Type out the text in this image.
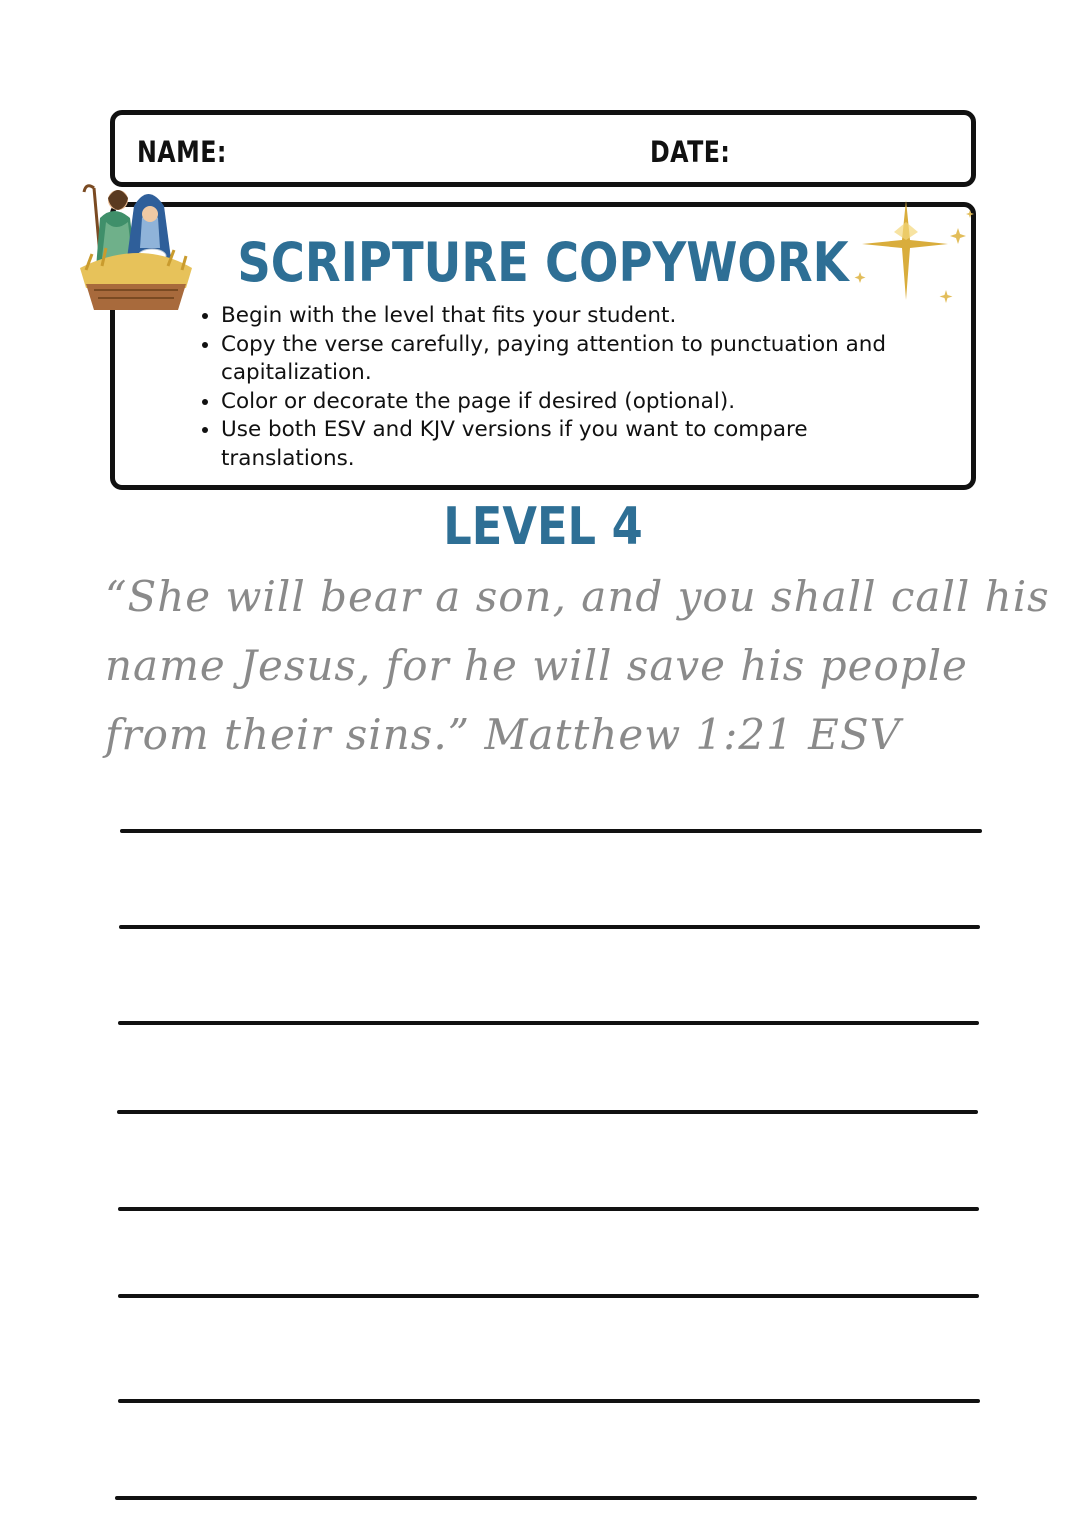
NAME:	DATE:
SCRIPTURE COPYWORK
• Begin with the level that fits your student.
• Copy the verse carefully, paying attention to punctuation and capitalization.
• Color or decorate the page if desired (optional).
• Use both ESV and KJV versions if you want to compare translations.
LEVEL 4
“She will bear a son, and you shall call his
name Jesus, for he will save his people
from their sins.” Matthew 1:21 ESV
